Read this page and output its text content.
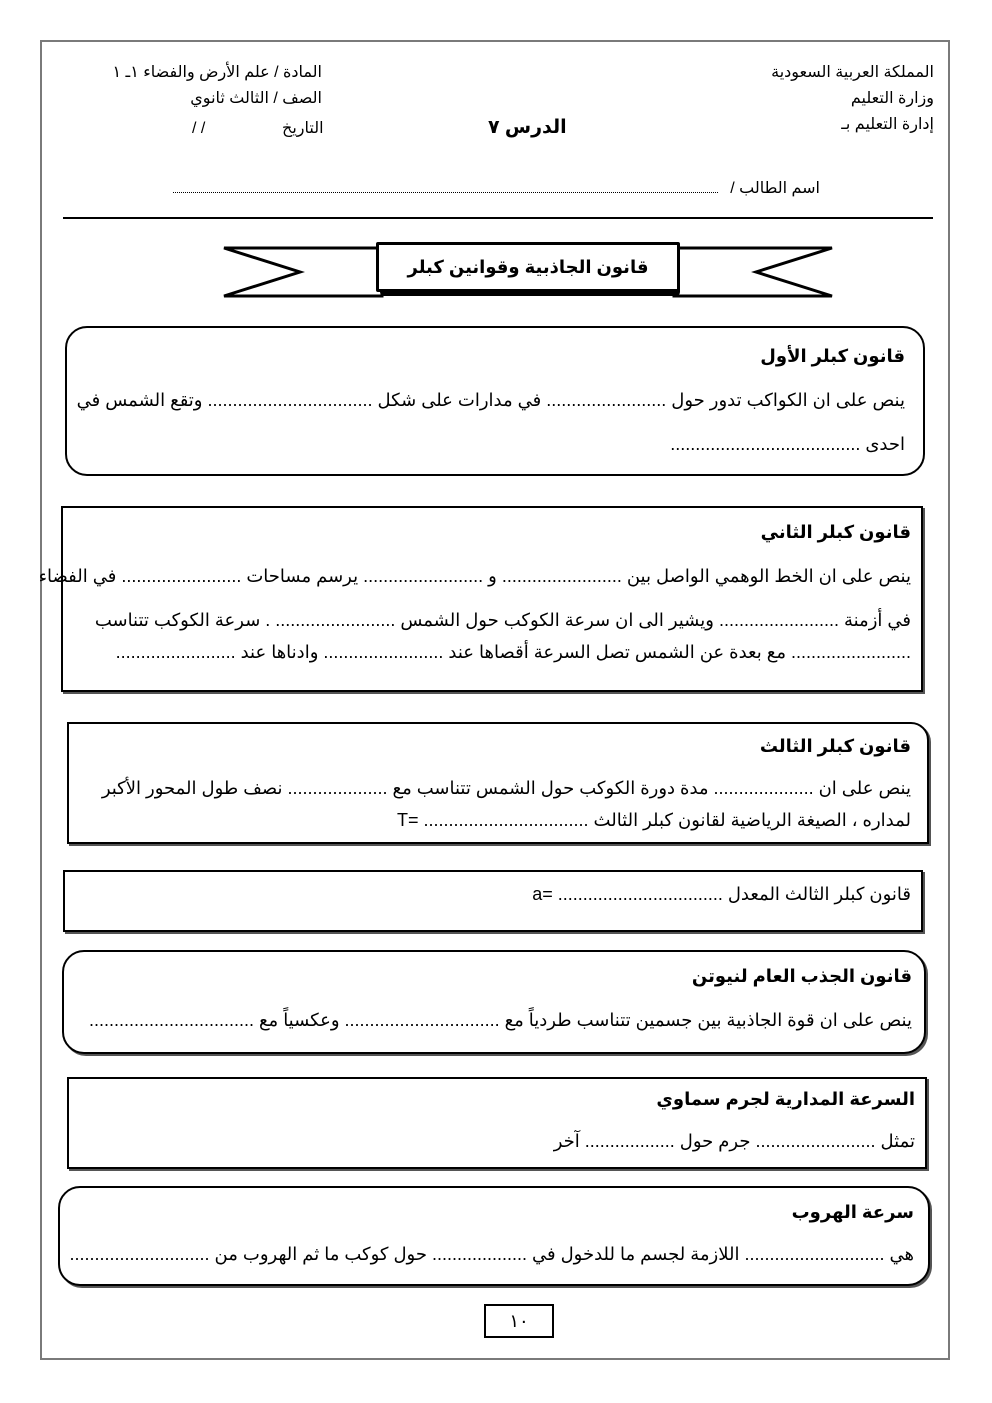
المملكة العربية السعودية
وزارة التعليم
إدارة التعليم بـ
الدرس ٧
المادة / علم الأرض والفضاء ١ـ ١
الصف / الثالث ثانوي
التاريخ
/ /
اسم الطالب /
قانون الجاذبية وقوانين كبلر
قانون كبلر الأول
ينص على ان الكواكب تدور حول ........................ في مدارات على شكل ................................. وتقع الشمس في
احدى ......................................
قانون كبلر الثاني
ينص على ان الخط الوهمي الواصل بين ........................ و ........................ يرسم مساحات ........................ في الفضاء
في أزمنة ........................ ويشير الى ان سرعة الكوكب حول الشمس ........................ . سرعة الكوكب تتناسب
........................ مع بعدة عن الشمس تصل السرعة أقصاها عند ........................ وادناها عند ........................
قانون كبلر الثالث
ينص على ان .................... مدة دورة الكوكب حول الشمس تتناسب مع .................... نصف طول المحور الأكبر
لمداره ، الصيغة الرياضية لقانون كبلر الثالث ................................. =T
قانون كبلر الثالث المعدل ................................. =a
قانون الجذب العام لنيوتن
ينص على ان قوة الجاذبية بين جسمين تتناسب طردياً مع ............................... وعكسياً مع .................................
السرعة المدارية لجرم سماوي
تمثل ........................ جرم حول .................. آخر
سرعة الهروب
هي ............................ اللازمة لجسم ما للدخول في ................... حول كوكب ما ثم الهروب من ............................
١٠
